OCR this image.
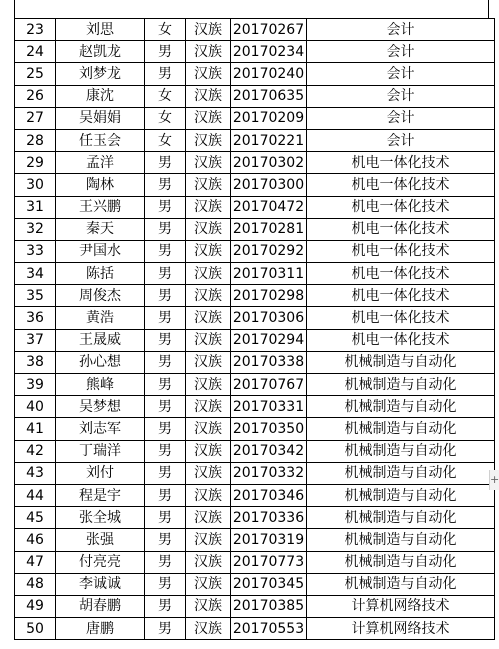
23	刘思	女	汉族	20170267	会计
24	赵凯龙	男	汉族	20170234	会计
25	刘梦龙	男	汉族	20170240	会计
26	康沈	女	汉族	20170635	会计
27	吴娟娟	女	汉族	20170209	会计
28	任玉会	女	汉族	20170221	会计
29	孟洋	男	汉族	20170302	机电一体化技术
30	陶林	男	汉族	20170300	机电一体化技术
31	王兴鹏	男	汉族	20170472	机电一体化技术
32	秦天	男	汉族	20170281	机电一体化技术
33	尹国水	男	汉族	20170292	机电一体化技术
34	陈括	男	汉族	20170311	机电一体化技术
35	周俊杰	男	汉族	20170298	机电一体化技术
36	黄浩	男	汉族	20170306	机电一体化技术
37	王晟威	男	汉族	20170294	机电一体化技术
38	孙心想	男	汉族	20170338	机械制造与自动化
39	熊峰	男	汉族	20170767	机械制造与自动化
40	吴梦想	男	汉族	20170331	机械制造与自动化
41	刘志军	男	汉族	20170350	机械制造与自动化
42	丁瑞洋	男	汉族	20170342	机械制造与自动化
43	刘付	男	汉族	20170332	机械制造与自动化
44	程是宇	男	汉族	20170346	机械制造与自动化
45	张全城	男	汉族	20170336	机械制造与自动化
46	张强	男	汉族	20170319	机械制造与自动化
47	付亮亮	男	汉族	20170773	机械制造与自动化
48	李诚诚	男	汉族	20170345	机械制造与自动化
49	胡春鹏	男	汉族	20170385	计算机网络技术
50	唐鹏	男	汉族	20170553	计算机网络技术
+
